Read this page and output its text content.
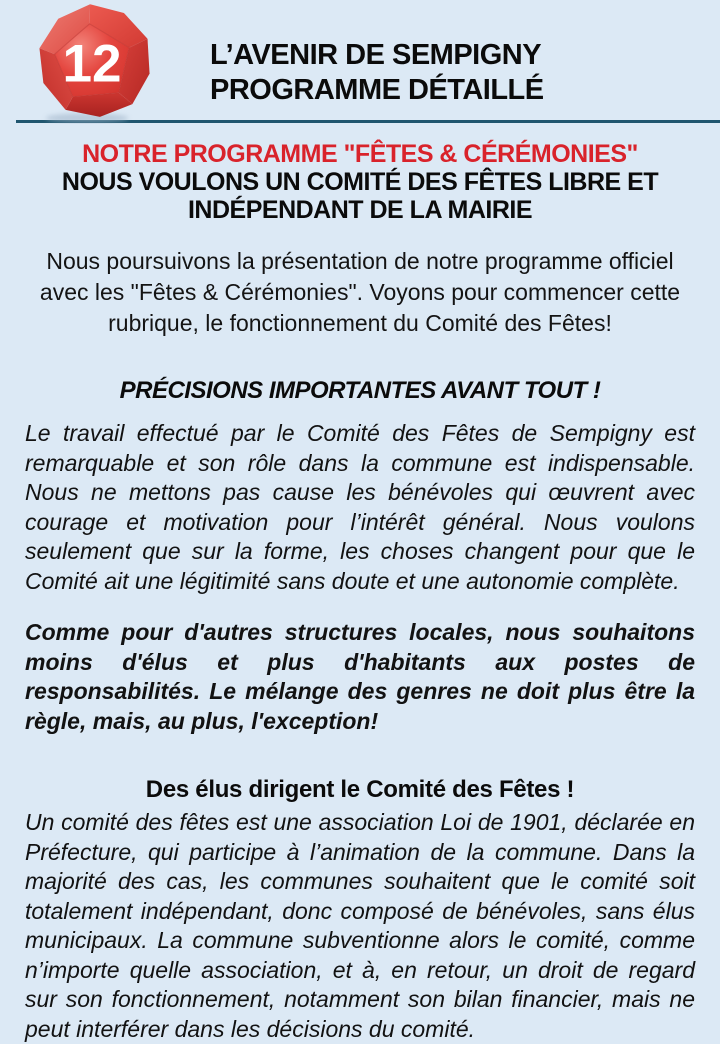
12	L’AVENIR DE SEMPIGNY
PROGRAMME DÉTAILLÉ
NOTRE PROGRAMME "FÊTES & CÉRÉMONIES"
NOUS VOULONS UN COMITÉ DES FÊTES LIBRE ET INDÉPENDANT DE LA MAIRIE
Nous poursuivons la présentation de notre programme officiel avec les "Fêtes & Cérémonies". Voyons pour commencer cette rubrique, le fonctionnement du Comité des Fêtes!
PRÉCISIONS IMPORTANTES AVANT TOUT !
Le travail effectué par le Comité des Fêtes de Sempigny est remarquable et son rôle dans la commune est indispensable. Nous ne mettons pas cause les bénévoles qui œuvrent avec courage et motivation pour l’intérêt général. Nous voulons seulement que sur la forme, les choses changent pour que le Comité ait une légitimité sans doute et une autonomie complète.
Comme pour d'autres structures locales, nous souhaitons moins d'élus et plus d'habitants aux postes de responsabilités. Le mélange des genres ne doit plus être la règle, mais, au plus, l'exception!
Des élus dirigent le Comité des Fêtes !
Un comité des fêtes est une association Loi de 1901, déclarée en Préfecture, qui participe à l’animation de la commune. Dans la majorité des cas, les communes souhaitent que le comité soit totalement indépendant, donc composé de bénévoles, sans élus municipaux. La commune subventionne alors le comité, comme n’importe quelle association, et à, en retour, un droit de regard sur son fonctionnement, notamment son bilan financier, mais ne peut interférer dans les décisions du comité.
